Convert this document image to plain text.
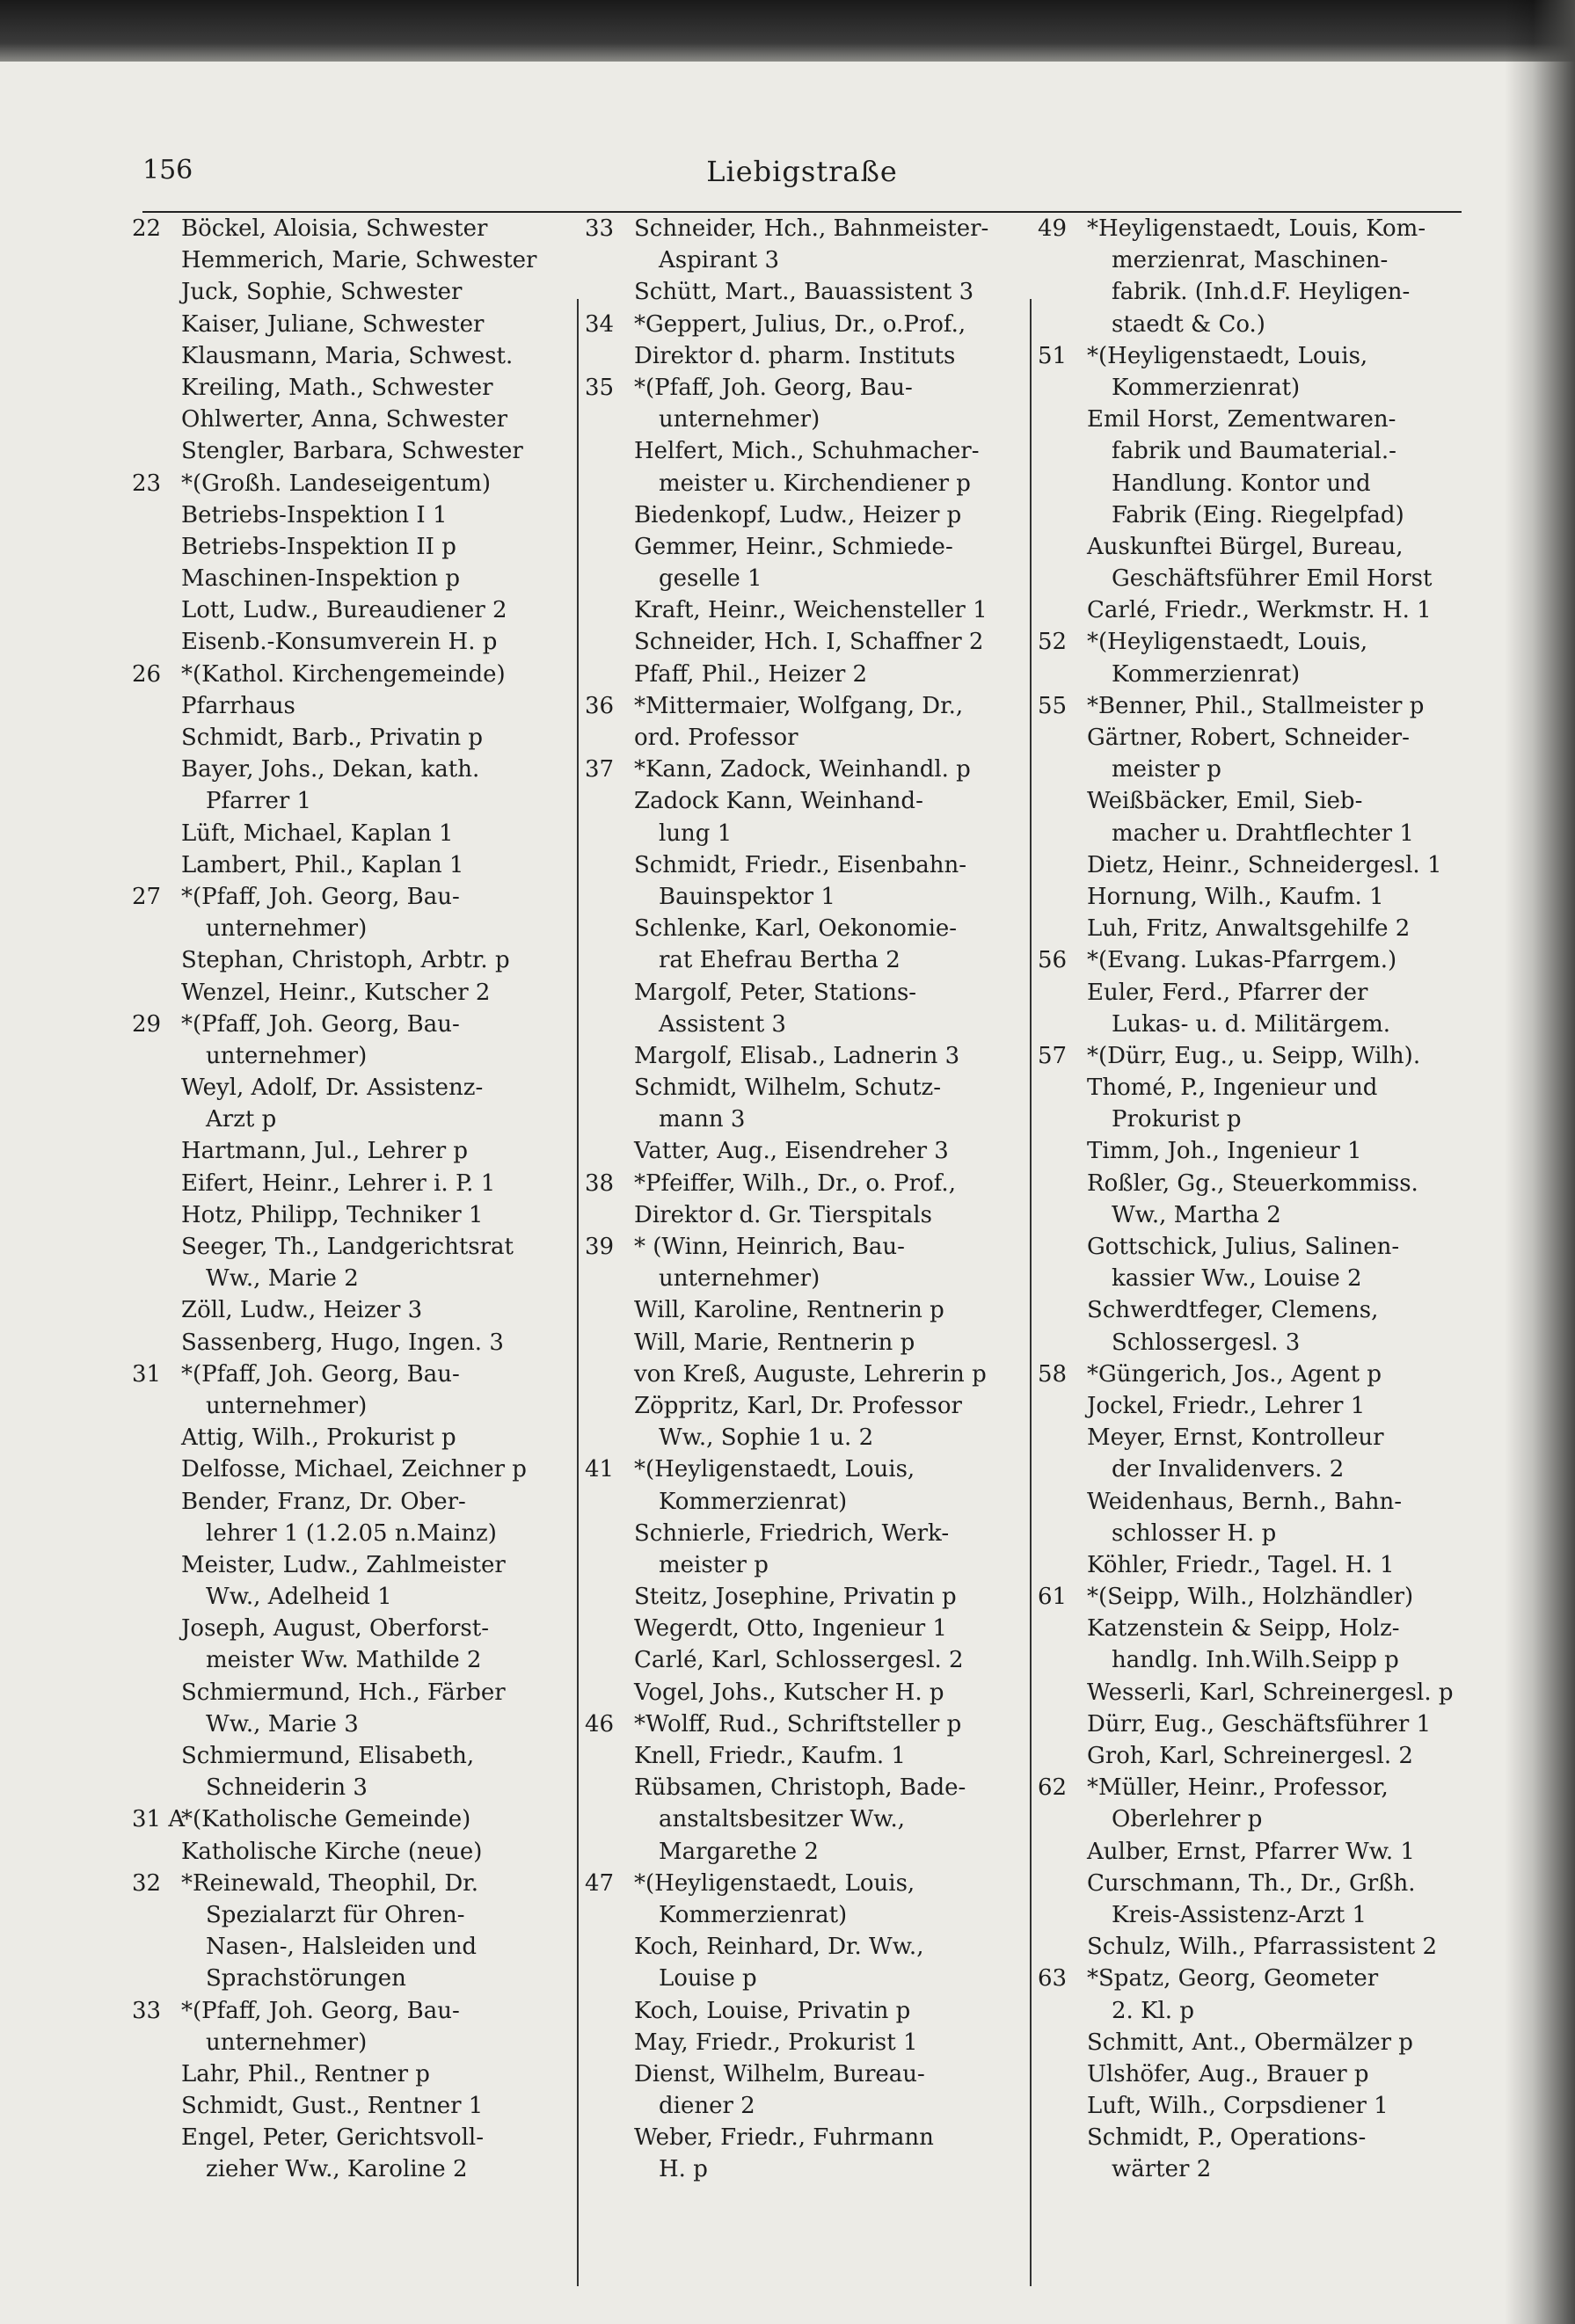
156	Liebigstraße
22 Böckel, Aloisia, Schwester
Hemmerich, Marie, Schwester
Juck, Sophie, Schwester
Kaiser, Juliane, Schwester
Klausmann, Maria, Schwest.
Kreiling, Math., Schwester
Ohlwerter, Anna, Schwester
Stengler, Barbara, Schwester
23 *(Großh. Landeseigentum)
Betriebs-Inspektion I 1
Betriebs-Inspektion II p
Maschinen-Inspektion p
Lott, Ludw., Bureaudiener 2
Eisenb.-Konsumverein H. p
26 *(Kathol. Kirchengemeinde)
Pfarrhaus
Schmidt, Barb., Privatin p
Bayer, Johs., Dekan, kath.
Pfarrer 1
Lüft, Michael, Kaplan 1
Lambert, Phil., Kaplan 1
27 *(Pfaff, Joh. Georg, Bau-
unternehmer)
Stephan, Christoph, Arbtr. p
Wenzel, Heinr., Kutscher 2
29 *(Pfaff, Joh. Georg, Bau-
unternehmer)
Weyl, Adolf, Dr. Assistenz-
Arzt p
Hartmann, Jul., Lehrer p
Eifert, Heinr., Lehrer i. P. 1
Hotz, Philipp, Techniker 1
Seeger, Th., Landgerichtsrat
Ww., Marie 2
Zöll, Ludw., Heizer 3
Sassenberg, Hugo, Ingen. 3
31 *(Pfaff, Joh. Georg, Bau-
unternehmer)
Attig, Wilh., Prokurist p
Delfosse, Michael, Zeichner p
Bender, Franz, Dr. Ober-
lehrer 1 (1.2.05 n.Mainz)
Meister, Ludw., Zahlmeister
Ww., Adelheid 1
Joseph, August, Oberforst-
meister Ww. Mathilde 2
Schmiermund, Hch., Färber
Ww., Marie 3
Schmiermund, Elisabeth,
Schneiderin 3
31 A*(Katholische Gemeinde)
Katholische Kirche (neue)
32 *Reinewald, Theophil, Dr.
Spezialarzt für Ohren-
Nasen-, Halsleiden und
Sprachstörungen
33 *(Pfaff, Joh. Georg, Bau-
unternehmer)
Lahr, Phil., Rentner p
Schmidt, Gust., Rentner 1
Engel, Peter, Gerichtsvoll-
zieher Ww., Karoline 2
33 Schneider, Hch., Bahnmeister-
Aspirant 3
Schütt, Mart., Bauassistent 3
34 *Geppert, Julius, Dr., o.Prof.,
Direktor d. pharm. Instituts
35 *(Pfaff, Joh. Georg, Bau-
unternehmer)
Helfert, Mich., Schuhmacher-
meister u. Kirchendiener p
Biedenkopf, Ludw., Heizer p
Gemmer, Heinr., Schmiede-
geselle 1
Kraft, Heinr., Weichensteller 1
Schneider, Hch. I, Schaffner 2
Pfaff, Phil., Heizer 2
36 *Mittermaier, Wolfgang, Dr.,
ord. Professor
37 *Kann, Zadock, Weinhandl. p
Zadock Kann, Weinhand-
lung 1
Schmidt, Friedr., Eisenbahn-
Bauinspektor 1
Schlenke, Karl, Oekonomie-
rat Ehefrau Bertha 2
Margolf, Peter, Stations-
Assistent 3
Margolf, Elisab., Ladnerin 3
Schmidt, Wilhelm, Schutz-
mann 3
Vatter, Aug., Eisendreher 3
38 *Pfeiffer, Wilh., Dr., o. Prof.,
Direktor d. Gr. Tierspitals
39 * (Winn, Heinrich, Bau-
unternehmer)
Will, Karoline, Rentnerin p
Will, Marie, Rentnerin p
von Kreß, Auguste, Lehrerin p
Zöppritz, Karl, Dr. Professor
Ww., Sophie 1 u. 2
41 *(Heyligenstaedt, Louis,
Kommerzienrat)
Schnierle, Friedrich, Werk-
meister p
Steitz, Josephine, Privatin p
Wegerdt, Otto, Ingenieur 1
Carlé, Karl, Schlossergesl. 2
Vogel, Johs., Kutscher H. p
46 *Wolff, Rud., Schriftsteller p
Knell, Friedr., Kaufm. 1
Rübsamen, Christoph, Bade-
anstaltsbesitzer Ww.,
Margarethe 2
47 *(Heyligenstaedt, Louis,
Kommerzienrat)
Koch, Reinhard, Dr. Ww.,
Louise p
Koch, Louise, Privatin p
May, Friedr., Prokurist 1
Dienst, Wilhelm, Bureau-
diener 2
Weber, Friedr., Fuhrmann
H. p
49 *Heyligenstaedt, Louis, Kom-
merzienrat, Maschinen-
fabrik. (Inh.d.F. Heyligen-
staedt & Co.)
51 *(Heyligenstaedt, Louis,
Kommerzienrat)
Emil Horst, Zementwaren-
fabrik und Baumaterial.-
Handlung. Kontor und
Fabrik (Eing. Riegelpfad)
Auskunftei Bürgel, Bureau,
Geschäftsführer Emil Horst
Carlé, Friedr., Werkmstr. H. 1
52 *(Heyligenstaedt, Louis,
Kommerzienrat)
55 *Benner, Phil., Stallmeister p
Gärtner, Robert, Schneider-
meister p
Weißbäcker, Emil, Sieb-
macher u. Drahtflechter 1
Dietz, Heinr., Schneidergesl. 1
Hornung, Wilh., Kaufm. 1
Luh, Fritz, Anwaltsgehilfe 2
56 *(Evang. Lukas-Pfarrgem.)
Euler, Ferd., Pfarrer der
Lukas- u. d. Militärgem.
57 *(Dürr, Eug., u. Seipp, Wilh).
Thomé, P., Ingenieur und
Prokurist p
Timm, Joh., Ingenieur 1
Roßler, Gg., Steuerkommiss.
Ww., Martha 2
Gottschick, Julius, Salinen-
kassier Ww., Louise 2
Schwerdtfeger, Clemens,
Schlossergesl. 3
58 *Güngerich, Jos., Agent p
Jockel, Friedr., Lehrer 1
Meyer, Ernst, Kontrolleur
der Invalidenvers. 2
Weidenhaus, Bernh., Bahn-
schlosser H. p
Köhler, Friedr., Tagel. H. 1
61 *(Seipp, Wilh., Holzhändler)
Katzenstein & Seipp, Holz-
handlg. Inh.Wilh.Seipp p
Wesserli, Karl, Schreinergesl. p
Dürr, Eug., Geschäftsführer 1
Groh, Karl, Schreinergesl. 2
62 *Müller, Heinr., Professor,
Oberlehrer p
Aulber, Ernst, Pfarrer Ww. 1
Curschmann, Th., Dr., Grßh.
Kreis-Assistenz-Arzt 1
Schulz, Wilh., Pfarrassistent 2
63 *Spatz, Georg, Geometer
2. Kl. p
Schmitt, Ant., Obermälzer p
Ulshöfer, Aug., Brauer p
Luft, Wilh., Corpsdiener 1
Schmidt, P., Operations-
wärter 2
